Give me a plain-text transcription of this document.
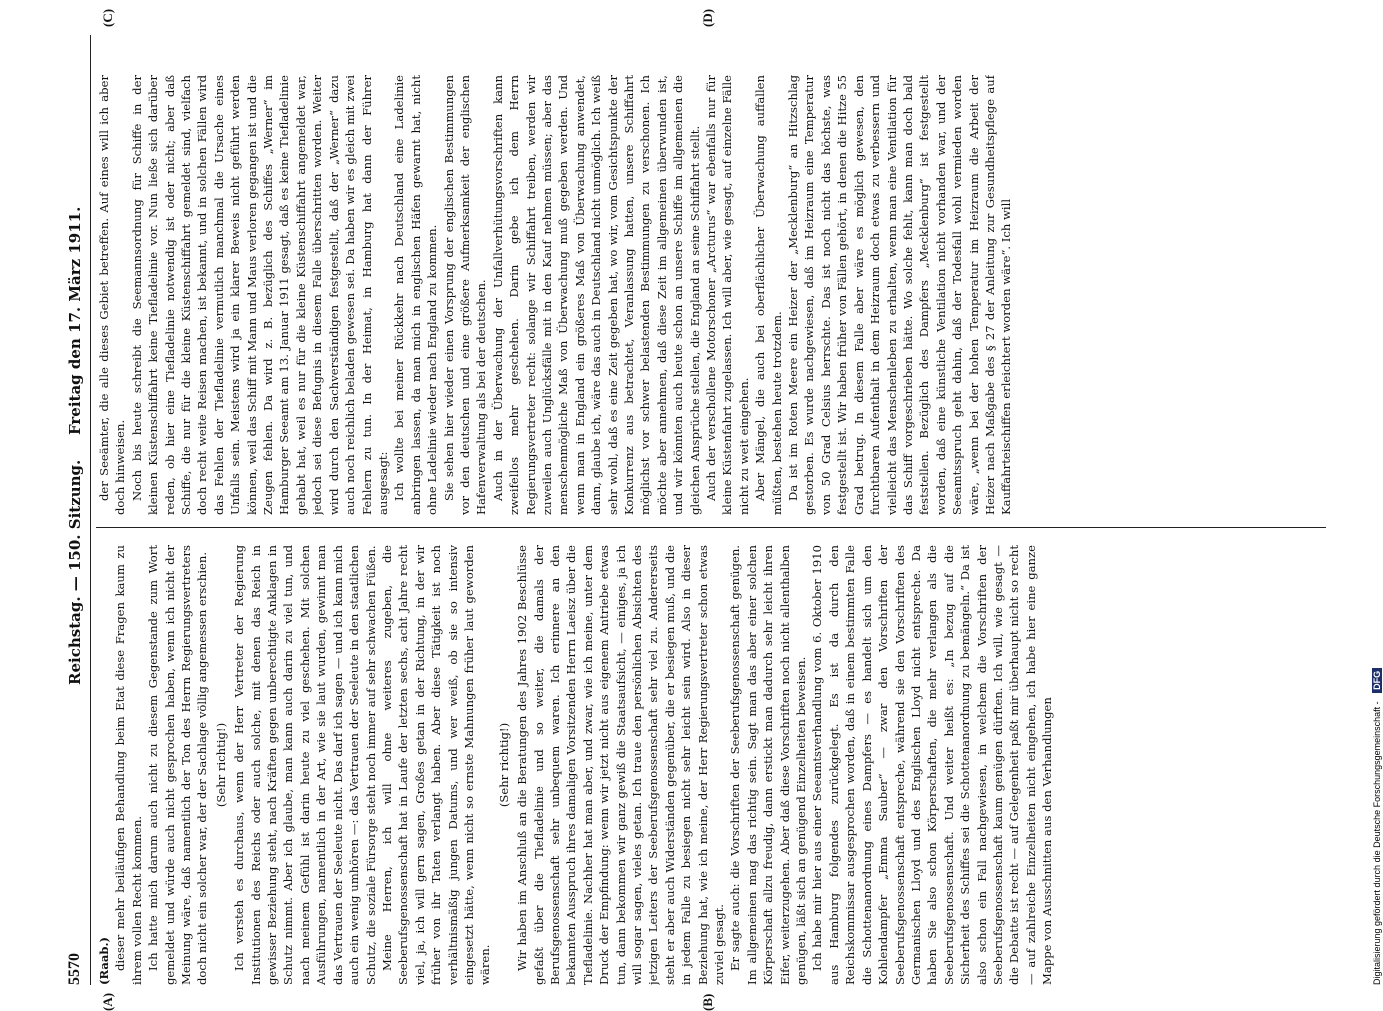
5570
Reichstag. — 150. Sitzung.
Freitag den 17. März 1911.
(A)	(B)
(C)	(D)

(Raab.) dieser mehr beiläufigen Behandlung beim Etat diese Fragen kaum zu ihrem vollen Recht kommen. Ich hatte mich darum auch nicht zu diesem Gegenstande zum Wort gemeldet und würde auch nicht gesprochen haben, wenn ich nicht der Meinung wäre, daß namentlich der Ton des Herrn Regierungsvertreters doch nicht ein solcher war, der der Sachlage völlig angemessen erschien. (Sehr richtig!) Ich versteh es durchaus, wenn der Herr Vertreter der Regierung Institutionen des Reichs oder auch solche, mit denen das Reich in gewisser Beziehung steht, nach Kräften gegen unberechtigte Anklagen in Schutz nimmt. Aber ich glaube, man kann auch darin zu viel tun, und nach meinem Gefühl ist darin heute zu viel geschehen. Mit solchen Ausführungen, namentlich in der Art, wie sie laut wurden, gewinnt man das Vertrauen der Seeleute nicht. Das darf ich sagen — und ich kann mich auch ein wenig umhören —: das Vertrauen der Seeleute in den staatlichen Schutz, die soziale Fürsorge steht noch immer auf sehr schwachen Füßen. Meine Herren, ich will ohne weiteres zugeben, die Seeberufsgenossenschaft hat in Laufe der letzten sechs, acht Jahre recht viel, ja, ich will gern sagen, Großes getan in der Richtung, in der wir früher von ihr Taten verlangt haben. Aber diese Tätigkeit ist noch verhältnismäßig jungen Datums, und wer weiß, ob sie so intensiv eingesetzt hätte, wenn nicht so ernste Mahnungen früher laut geworden wären.

(Sehr richtig!) Wir haben im Anschluß an die Beratungen des Jahres 1902 Beschlüsse gefaßt über die Tiefladelinie und so weiter, die damals der Berufsgenossenschaft sehr unbequem waren. Ich erinnere an den bekannten Ausspruch ihres damaligen Vorsitzenden Herrn Laeisz über die Tiefladelinie. Nachher hat man aber, und zwar, wie ich meine, unter dem Druck der Empfindung: wenn wir jetzt nicht aus eigenem Antriebe etwas tun, dann bekommen wir ganz gewiß die Staatsaufsicht, — einiges, ja ich will sogar sagen, vieles getan. Ich traue den persönlichen Absichten des jetzigen Leiters der Seeberufsgenossenschaft sehr viel zu. Andererseits steht er aber auch Widerständen gegenüber, die er besiegen muß, und die in jedem Falle zu besiegen nicht sehr leicht sein wird. Also in dieser Beziehung hat, wie ich meine, der Herr Regierungsvertreter schon etwas zuviel gesagt. Er sagte auch: die Vorschriften der Seeberufsgenossenschaft genügen. Im allgemeinen mag das richtig sein. Sagt man das aber einer solchen Körperschaft allzu freudig, dann erstickt man dadurch sehr leicht ihren Eifer, weiterzugehen. Aber daß diese Vorschriften noch nicht allenthalben genügen, läßt sich an genügend Einzelheiten beweisen. Ich habe mir hier aus einer Seeamtsverhandlung vom 6. Oktober 1910 aus Hamburg folgendes zurückgelegt. Es ist da durch den Reichskommissar ausgesprochen worden, daß in einem bestimmten Falle die Schottenanordnung eines Dampfers — es handelt sich um den Kohlendampfer „Emma Sauber“ — zwar den Vorschriften der Seeberufsgenossenschaft entspreche, während sie den Vorschriften des Germanischen Lloyd und des Englischen Lloyd nicht entspreche. Da haben Sie also schon Körperschaften, die mehr verlangen als die Seeberufsgenossenschaft. Und weiter heißt es: „In bezug auf die Sicherheit des Schiffes sei die Schottenanordnung zu bemängeln.“ Da ist also schon ein Fall nachgewiesen, in welchem die Vorschriften der Seeberufsgenossenschaft kaum genügen dürften. Ich will, wie gesagt — die Debatte ist recht — auf Gelegenheit paßt mir überhaupt nicht so recht — auf zahlreiche Einzelheiten nicht eingehen, ich habe hier eine ganze Mappe von Ausschnitten aus den Verhandlungen

der Seeämter, die alle dieses Gebiet betreffen. Auf eines will ich aber doch hinweisen. Noch bis heute schreibt die Seemannsordnung für Schiffe in der kleinen Küstenschiffahrt keine Tiefladelinie vor. Nun ließe sich darüber reden, ob hier eine Tiefladelinie notwendig ist oder nicht; aber daß Schiffe, die nur für die kleine Küstenschiffahrt gemeldet sind, vielfach doch recht weite Reisen machen, ist bekannt, und in solchen Fällen wird das Fehlen der Tiefladelinie vermutlich manchmal die Ursache eines Unfalls sein. Meistens wird ja ein klarer Beweis nicht geführt werden können, weil das Schiff mit Mann und Maus verloren gegangen ist und die Zeugen fehlen. Da wird z. B. bezüglich des Schiffes „Werner“ im Hamburger Seeamt am 13. Januar 1911 gesagt, daß es keine Tiefladelinie gehabt hat, weil es nur für die kleine Küstenschiffahrt angemeldet war, jedoch sei diese Befugnis in diesem Falle überschritten worden. Weiter wird durch den Sachverständigen festgestellt, daß der „Werner“ dazu auch noch reichlich beladen gewesen sei. Da haben wir es gleich mit zwei Fehlern zu tun. In der Heimat, in Hamburg hat dann der Führer ausgesagt: Ich wollte bei meiner Rückkehr nach Deutschland eine Ladelinie anbringen lassen, da man mich in englischen Häfen gewarnt hat, nicht ohne Ladelinie wieder nach England zu kommen. Sie sehen hier wieder einen Vorsprung der englischen Bestimmungen vor den deutschen und eine größere Aufmerksamkeit der englischen Hafenverwaltung als bei der deutschen. Auch in der Überwachung der Unfallverhütungsvorschriften kann zweifellos mehr geschehen. Darin gebe ich dem Herrn Regierungsvertreter recht: solange wir Schiffahrt treiben, werden wir zuweilen auch Unglücksfälle mit in den Kauf nehmen müssen; aber das menschenmögliche Maß von Überwachung muß gegeben werden. Und wenn man in England ein größeres Maß von Überwachung anwendet, dann, glaube ich, wäre das auch in Deutschland nicht unmöglich. Ich weiß sehr wohl, daß es eine Zeit gegeben hat, wo wir, vom Gesichtspunkte der Konkurrenz aus betrachtet, Veranlassung hatten, unsere Schiffahrt möglichst vor schwer belastenden Bestimmungen zu verschonen. Ich möchte aber annehmen, daß diese Zeit im allgemeinen überwunden ist, und wir könnten auch heute schon an unsere Schiffe im allgemeinen die gleichen Ansprüche stellen, die England an seine Schiffahrt stellt. Auch der verschollene Motorschoner „Arcturus“ war ebenfalls nur für kleine Küstenfahrt zugelassen. Ich will aber, wie gesagt, auf einzelne Fälle nicht zu weit eingehen. Aber Mängel, die auch bei oberflächlicher Überwachung auffallen müßten, bestehen heute trotzdem. Da ist im Roten Meere ein Heizer der „Mecklenburg“ an Hitzschlag gestorben. Es wurde nachgewiesen, daß im Heizraum eine Temperatur von 50 Grad Celsius herrschte. Das ist noch nicht das höchste, was festgestellt ist. Wir haben früher von Fällen gehört, in denen die Hitze 55 Grad betrug. In diesem Falle aber wäre es möglich gewesen, den furchtbaren Aufenthalt in dem Heizraum doch etwas zu verbessern und vielleicht das Menschenleben zu erhalten, wenn man eine Ventilation für das Schiff vorgeschrieben hätte. Wo solche fehlt, kann man doch bald feststellen. Bezüglich des Dampfers „Mecklenburg“ ist festgestellt worden, daß eine künstliche Ventilation nicht vorhanden war, und der Seeamtsspruch geht dahin, daß der Todesfall wohl vermieden worden wäre, „wenn bei der hohen Temperatur im Heizraum die Arbeit der Heizer nach Maßgabe des § 27 der Anleitung zur Gesundheitspflege auf Kauffahrteischiffen erleichtert worden wäre“. Ich will

Digitalisierung gefördert durch die Deutsche Forschungsgemeinschaft - DFG
